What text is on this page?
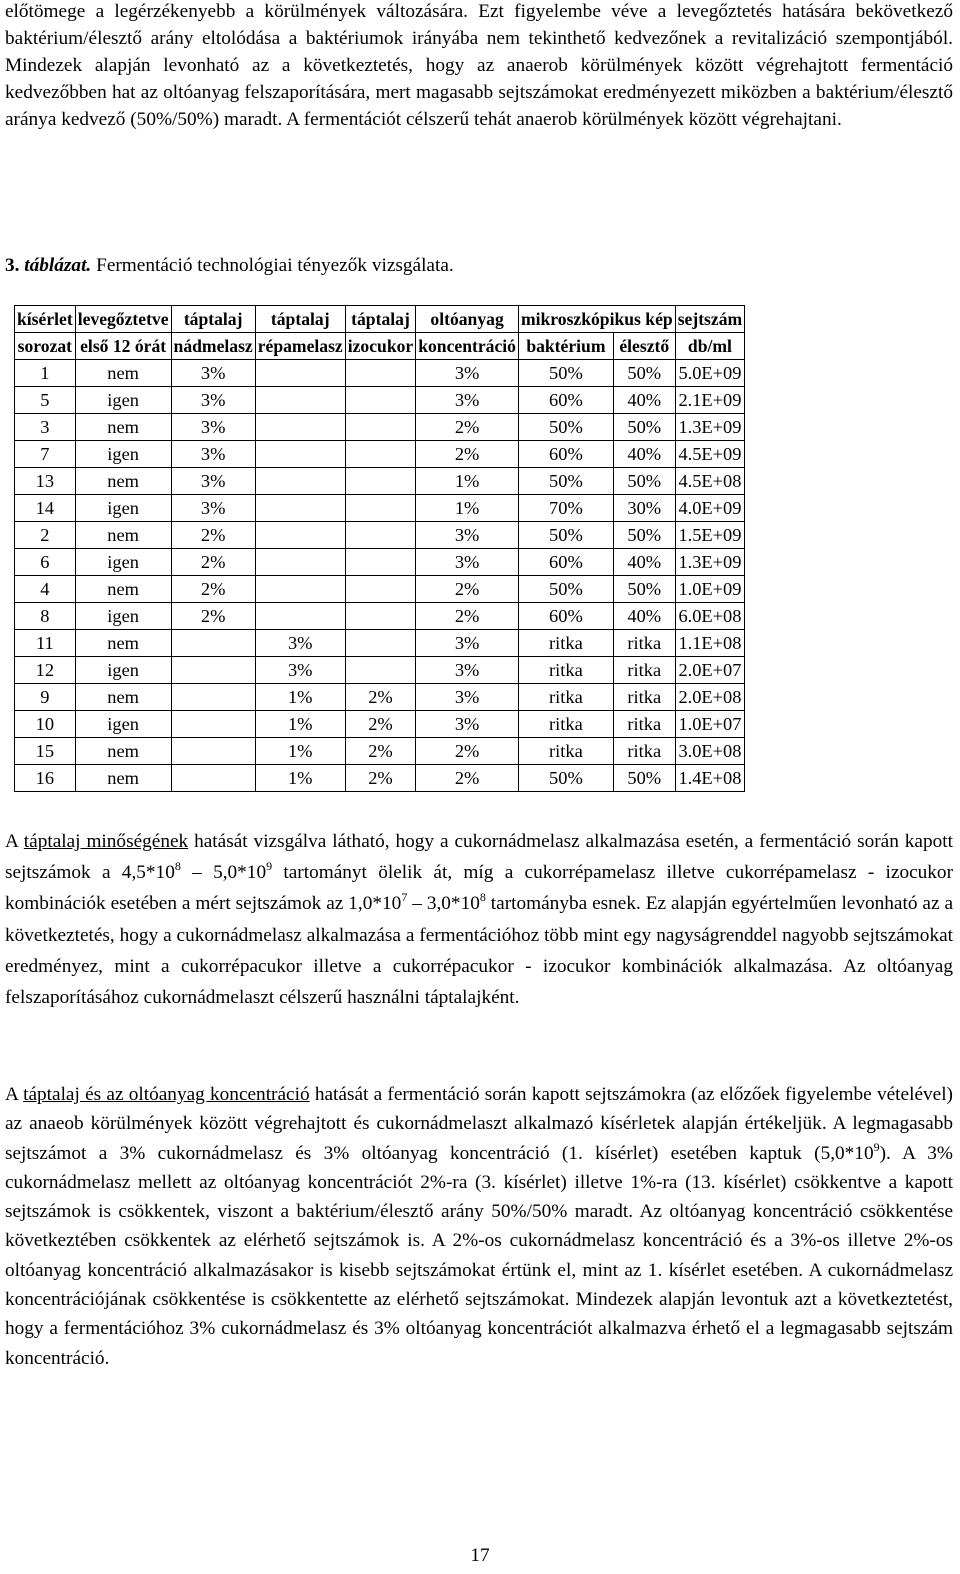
előtömege a legérzékenyebb a körülmények változására. Ezt figyelembe véve a levegőztetés hatására bekövetkező baktérium/élesztő arány eltolódása a baktériumok irányába nem tekinthető kedvezőnek a revitalizáció szempontjából. Mindezek alapján levonható az a következtetés, hogy az anaerob körülmények között végrehajtott fermentáció kedvezőbben hat az oltóanyag felszaporítására, mert magasabb sejtszámokat eredményezett miközben a baktérium/élesztő aránya kedvező (50%/50%) maradt. A fermentációt célszerű tehát anaerob körülmények között végrehajtani.

3. táblázat. Fermentáció technológiai tényezők vizsgálata.
kísérlet	levegőztetve	táptalaj	táptalaj	táptalaj	oltóanyag	mikroszkópikus kép		sejtszám
sorozat	első 12 órát	nádmelasz	répamelasz	izocukor	koncentráció	baktérium	élesztő	db/ml
1	nem	3%			3%	50%	50%	5.0E+09
5	igen	3%			3%	60%	40%	2.1E+09
3	nem	3%			2%	50%	50%	1.3E+09
7	igen	3%			2%	60%	40%	4.5E+09
13	nem	3%			1%	50%	50%	4.5E+08
14	igen	3%			1%	70%	30%	4.0E+09
2	nem	2%			3%	50%	50%	1.5E+09
6	igen	2%			3%	60%	40%	1.3E+09
4	nem	2%			2%	50%	50%	1.0E+09
8	igen	2%			2%	60%	40%	6.0E+08
11	nem		3%		3%	ritka	ritka	1.1E+08
12	igen		3%		3%	ritka	ritka	2.0E+07
9	nem		1%	2%	3%	ritka	ritka	2.0E+08
10	igen		1%	2%	3%	ritka	ritka	1.0E+07
15	nem		1%	2%	2%	ritka	ritka	3.0E+08
16	nem		1%	2%	2%	50%	50%	1.4E+08

A táptalaj minőségének hatását vizsgálva látható, hogy a cukornádmelasz alkalmazása esetén, a fermentáció során kapott sejtszámok a $4,5*10^8 - 5,0*10^9$ tartományt ölelik át, míg a cukorrépamelasz illetve cukorrépamelasz - izocukor kombinációk esetében a mért sejtszámok az $1,0*10^7 - 3,0*10^8$ tartományba esnek. Ez alapján egyértelműen levonható az a következtetés, hogy a cukornádmelasz alkalmazása a fermentációhoz több mint egy nagyságrenddel nagyobb sejtszámokat eredményez, mint a cukorrépacukor illetve a cukorrépacukor - izocukor kombinációk alkalmazása. Az oltóanyag felszaporításához cukornádmelaszt célszerű használni táptalajként.

A táptalaj és az oltóanyag koncentráció hatását a fermentáció során kapott sejtszámokra (az előzőek figyelembe vételével) az anaeob körülmények között végrehajtott és cukornádmelaszt alkalmazó kísérletek alapján értékeljük. A legmagasabb sejtszámot a 3% cukornádmelasz és 3% oltóanyag koncentráció (1. kísérlet) esetében kaptuk $(5,0*10^9)$. A 3% cukornádmelasz mellett az oltóanyag koncentrációt 2%-ra (3. kísérlet) illetve 1%-ra (13. kísérlet) csökkentve a kapott sejtszámok is csökkentek, viszont a baktérium/élesztő arány 50%/50% maradt. Az oltóanyag koncentráció csökkentése következtében csökkentek az elérhető sejtszámok is. A 2%-os cukornádmelasz koncentráció és a 3%-os illetve 2%-os oltóanyag koncentráció alkalmazásakor is kisebb sejtszámokat értünk el, mint az 1. kísérlet esetében. A cukornádmelasz koncentrációjának csökkentése is csökkentette az elérhető sejtszámokat. Mindezek alapján levontuk azt a következtetést, hogy a fermentációhoz 3% cukornádmelasz és 3% oltóanyag koncentrációt alkalmazva érhető el a legmagasabb sejtszám koncentráció.

17
